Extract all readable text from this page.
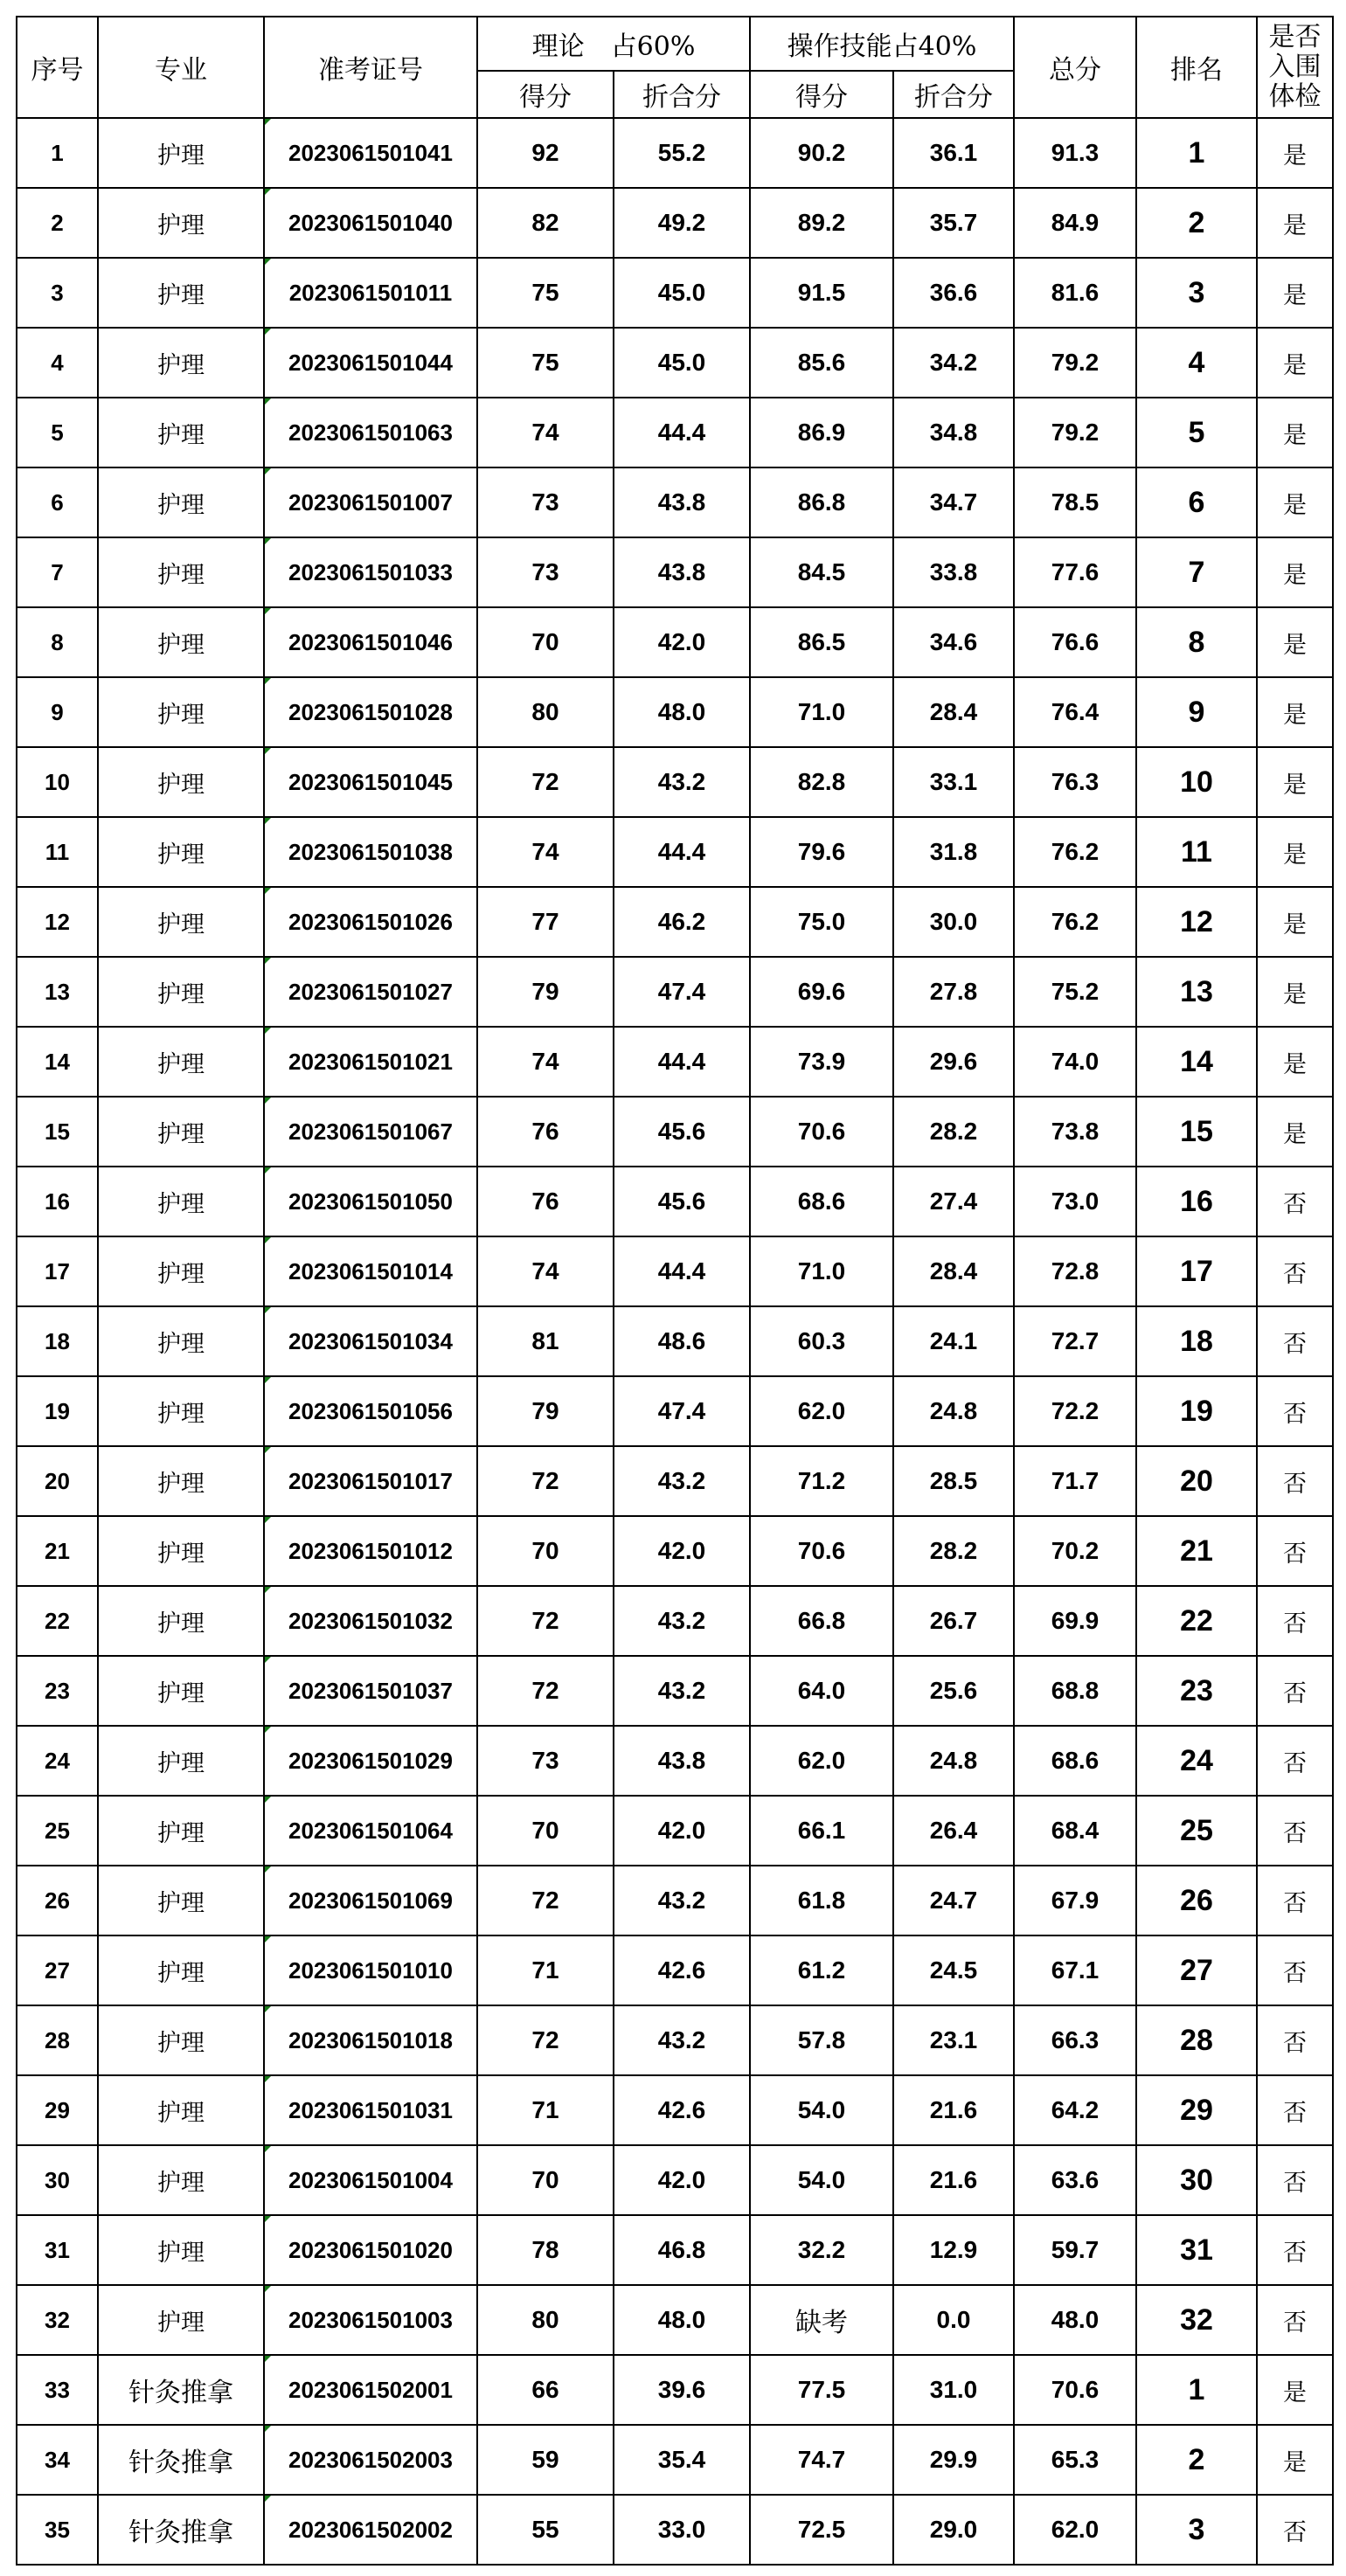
序号	专业	准考证号	理论　占60%		操作技能占40%		总分	排名	是否入围体检
			得分	折合分	得分	折合分			
1	护理	2023061501041	92	55.2	90.2	36.1	91.3	1	是
2	护理	2023061501040	82	49.2	89.2	35.7	84.9	2	是
3	护理	2023061501011	75	45.0	91.5	36.6	81.6	3	是
4	护理	2023061501044	75	45.0	85.6	34.2	79.2	4	是
5	护理	2023061501063	74	44.4	86.9	34.8	79.2	5	是
6	护理	2023061501007	73	43.8	86.8	34.7	78.5	6	是
7	护理	2023061501033	73	43.8	84.5	33.8	77.6	7	是
8	护理	2023061501046	70	42.0	86.5	34.6	76.6	8	是
9	护理	2023061501028	80	48.0	71.0	28.4	76.4	9	是
10	护理	2023061501045	72	43.2	82.8	33.1	76.3	10	是
11	护理	2023061501038	74	44.4	79.6	31.8	76.2	11	是
12	护理	2023061501026	77	46.2	75.0	30.0	76.2	12	是
13	护理	2023061501027	79	47.4	69.6	27.8	75.2	13	是
14	护理	2023061501021	74	44.4	73.9	29.6	74.0	14	是
15	护理	2023061501067	76	45.6	70.6	28.2	73.8	15	是
16	护理	2023061501050	76	45.6	68.6	27.4	73.0	16	否
17	护理	2023061501014	74	44.4	71.0	28.4	72.8	17	否
18	护理	2023061501034	81	48.6	60.3	24.1	72.7	18	否
19	护理	2023061501056	79	47.4	62.0	24.8	72.2	19	否
20	护理	2023061501017	72	43.2	71.2	28.5	71.7	20	否
21	护理	2023061501012	70	42.0	70.6	28.2	70.2	21	否
22	护理	2023061501032	72	43.2	66.8	26.7	69.9	22	否
23	护理	2023061501037	72	43.2	64.0	25.6	68.8	23	否
24	护理	2023061501029	73	43.8	62.0	24.8	68.6	24	否
25	护理	2023061501064	70	42.0	66.1	26.4	68.4	25	否
26	护理	2023061501069	72	43.2	61.8	24.7	67.9	26	否
27	护理	2023061501010	71	42.6	61.2	24.5	67.1	27	否
28	护理	2023061501018	72	43.2	57.8	23.1	66.3	28	否
29	护理	2023061501031	71	42.6	54.0	21.6	64.2	29	否
30	护理	2023061501004	70	42.0	54.0	21.6	63.6	30	否
31	护理	2023061501020	78	46.8	32.2	12.9	59.7	31	否
32	护理	2023061501003	80	48.0	缺考	0.0	48.0	32	否
33	针灸推拿	2023061502001	66	39.6	77.5	31.0	70.6	1	是
34	针灸推拿	2023061502003	59	35.4	74.7	29.9	65.3	2	是
35	针灸推拿	2023061502002	55	33.0	72.5	29.0	62.0	3	否
